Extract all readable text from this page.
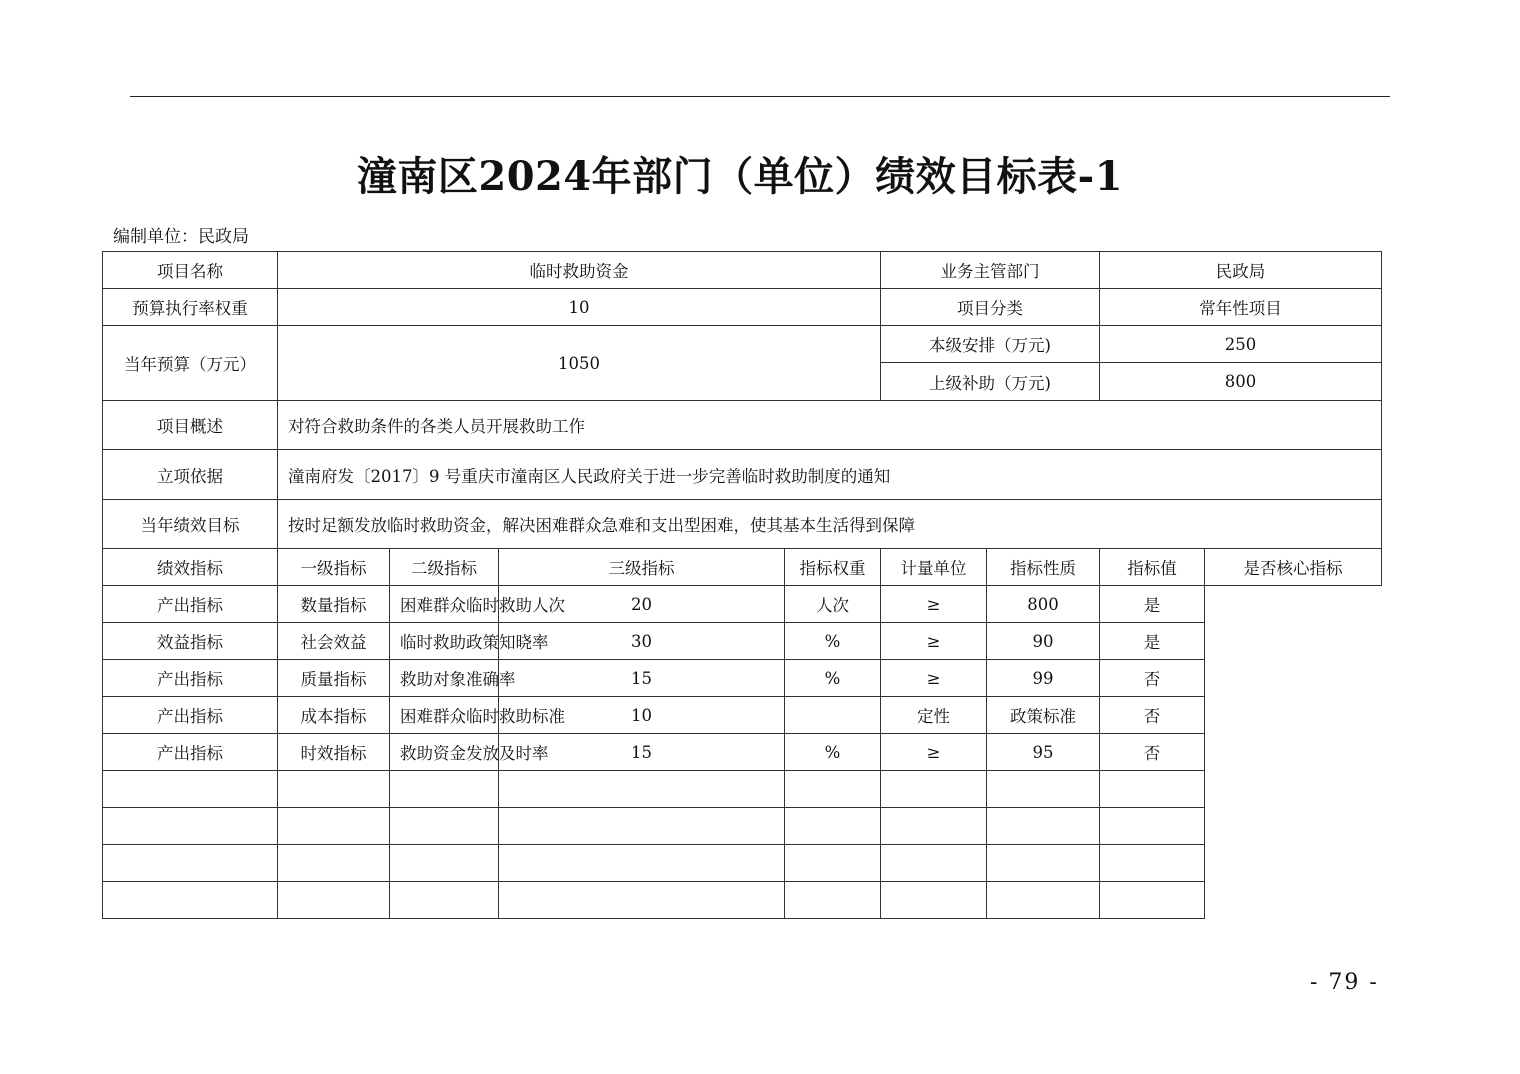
潼南区2024年部门（单位）绩效目标表-1
编制单位：民政局
项目名称	临时救助资金				业务主管部门		民政局	
预算执行率权重	10				项目分类		常年性项目	
当年预算（万元）	1050				本级安排（万元)		250	
					上级补助（万元)		800	
项目概述	对符合救助条件的各类人员开展救助工作							
立项依据	潼南府发〔2017〕9 号重庆市潼南区人民政府关于进一步完善临时救助制度的通知							
当年绩效目标	按时足额发放临时救助资金，解决困难群众急难和支出型困难，使其基本生活得到保障							
绩效指标	一级指标	二级指标	三级指标	指标权重	计量单位	指标性质	指标值	是否核心指标
产出指标	数量指标	困难群众临时救助人次	20	人次	≥	800	是	
效益指标	社会效益	临时救助政策知晓率	30	%	≥	90	是	
产出指标	质量指标	救助对象准确率	15	%	≥	99	否	
产出指标	成本指标	困难群众临时救助标准	10		定性	政策标准	否	
产出指标	时效指标	救助资金发放及时率	15	%	≥	95	否	

- 79 -
